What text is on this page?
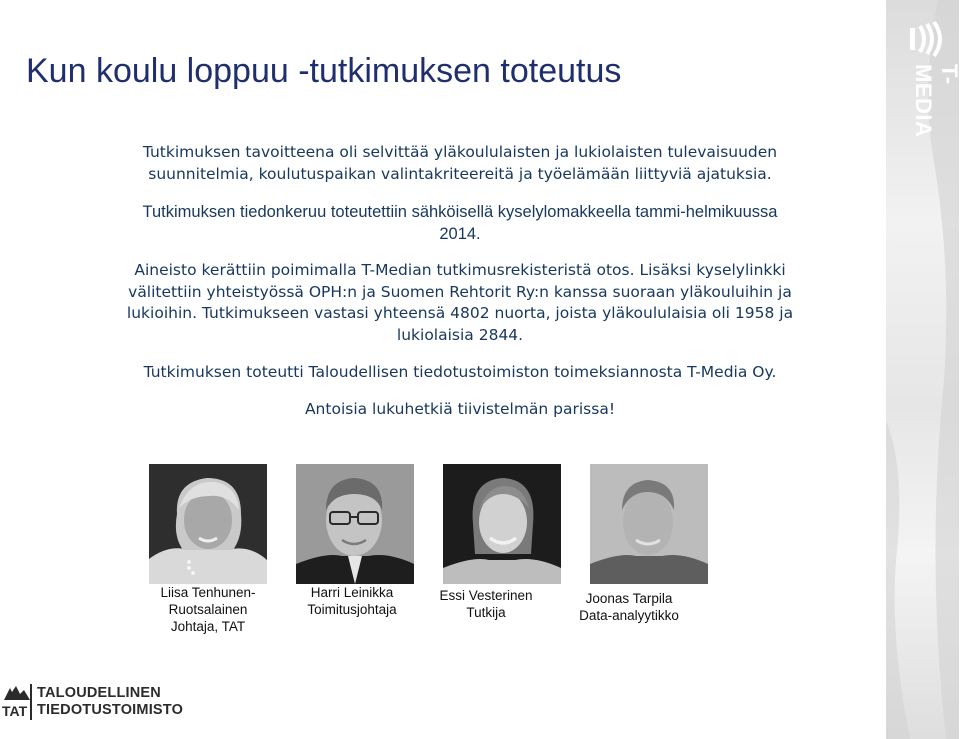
Kun koulu loppuu -tutkimuksen toteutus
Tutkimuksen tavoitteena oli selvittää yläkoululaisten ja lukiolaisten tulevaisuuden
suunnitelmia, koulutuspaikan valintakriteereitä ja työelämään liittyviä ajatuksia.
Tutkimuksen tiedonkeruu toteutettiin sähköisellä kyselylomakkeella tammi-helmikuussa
2014.
Aineisto kerättiin poimimalla T-Median tutkimusrekisteristä otos. Lisäksi kyselylinkki
välitettiin yhteistyössä OPH:n ja Suomen Rehtorit Ry:n kanssa suoraan yläkouluihin ja
lukioihin. Tutkimukseen vastasi yhteensä 4802 nuorta, joista yläkoululaisia oli 1958 ja
lukiolaisia 2844.
Tutkimuksen toteutti Taloudellisen tiedotustoimiston toimeksiannosta T-Media Oy.
Antoisia lukuhetkiä tiivistelmän parissa!
Liisa Tenhunen-
Ruotsalainen
Johtaja, TAT
Harri Leinikka
Toimitusjohtaja
Essi Vesterinen
Tutkija
Joonas Tarpila
Data-analyytikko
T-MEDIA
TAT
TALOUDELLINEN
TIEDOTUSTOIMISTO
